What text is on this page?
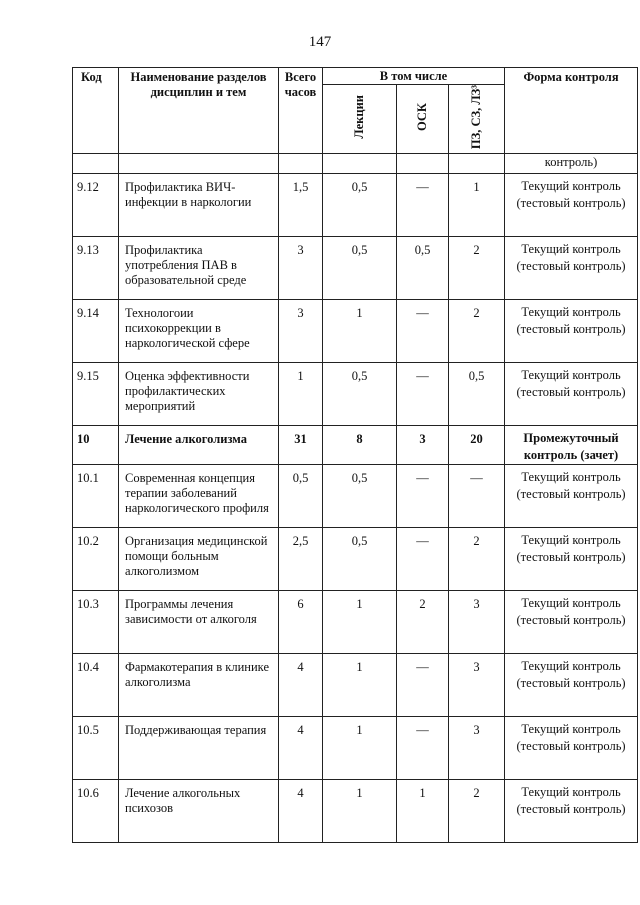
147
Код	Наименование разделов дисциплин и тем	Всего часов	В том числе			Форма контроля
			Лекции	ОСК	ПЗ, СЗ, ЛЗ³	
						контроль)
9.12	Профилактика ВИЧ-инфекции в наркологии	1,5	0,5	—	1	Текущий контроль (тестовый контроль)
9.13	Профилактика употребления ПАВ в образовательной среде	3	0,5	0,5	2	Текущий контроль (тестовый контроль)
9.14	Технологоии психокоррекции в наркологической сфере	3	1	—	2	Текущий контроль (тестовый контроль)
9.15	Оценка эффективности профилактических мероприятий	1	0,5	—	0,5	Текущий контроль (тестовый контроль)
10	Лечение алкоголизма	31	8	3	20	Промежуточный контроль (зачет)
10.1	Современная концепция терапии заболеваний наркологического профиля	0,5	0,5	—	—	Текущий контроль (тестовый контроль)
10.2	Организация медицинской помощи больным алкоголизмом	2,5	0,5	—	2	Текущий контроль (тестовый контроль)
10.3	Программы лечения зависимости от алкоголя	6	1	2	3	Текущий контроль (тестовый контроль)
10.4	Фармакотерапия в клинике алкоголизма	4	1	—	3	Текущий контроль (тестовый контроль)
10.5	Поддерживающая терапия	4	1	—	3	Текущий контроль (тестовый контроль)
10.6	Лечение алкогольных психозов	4	1	1	2	Текущий контроль (тестовый контроль)
